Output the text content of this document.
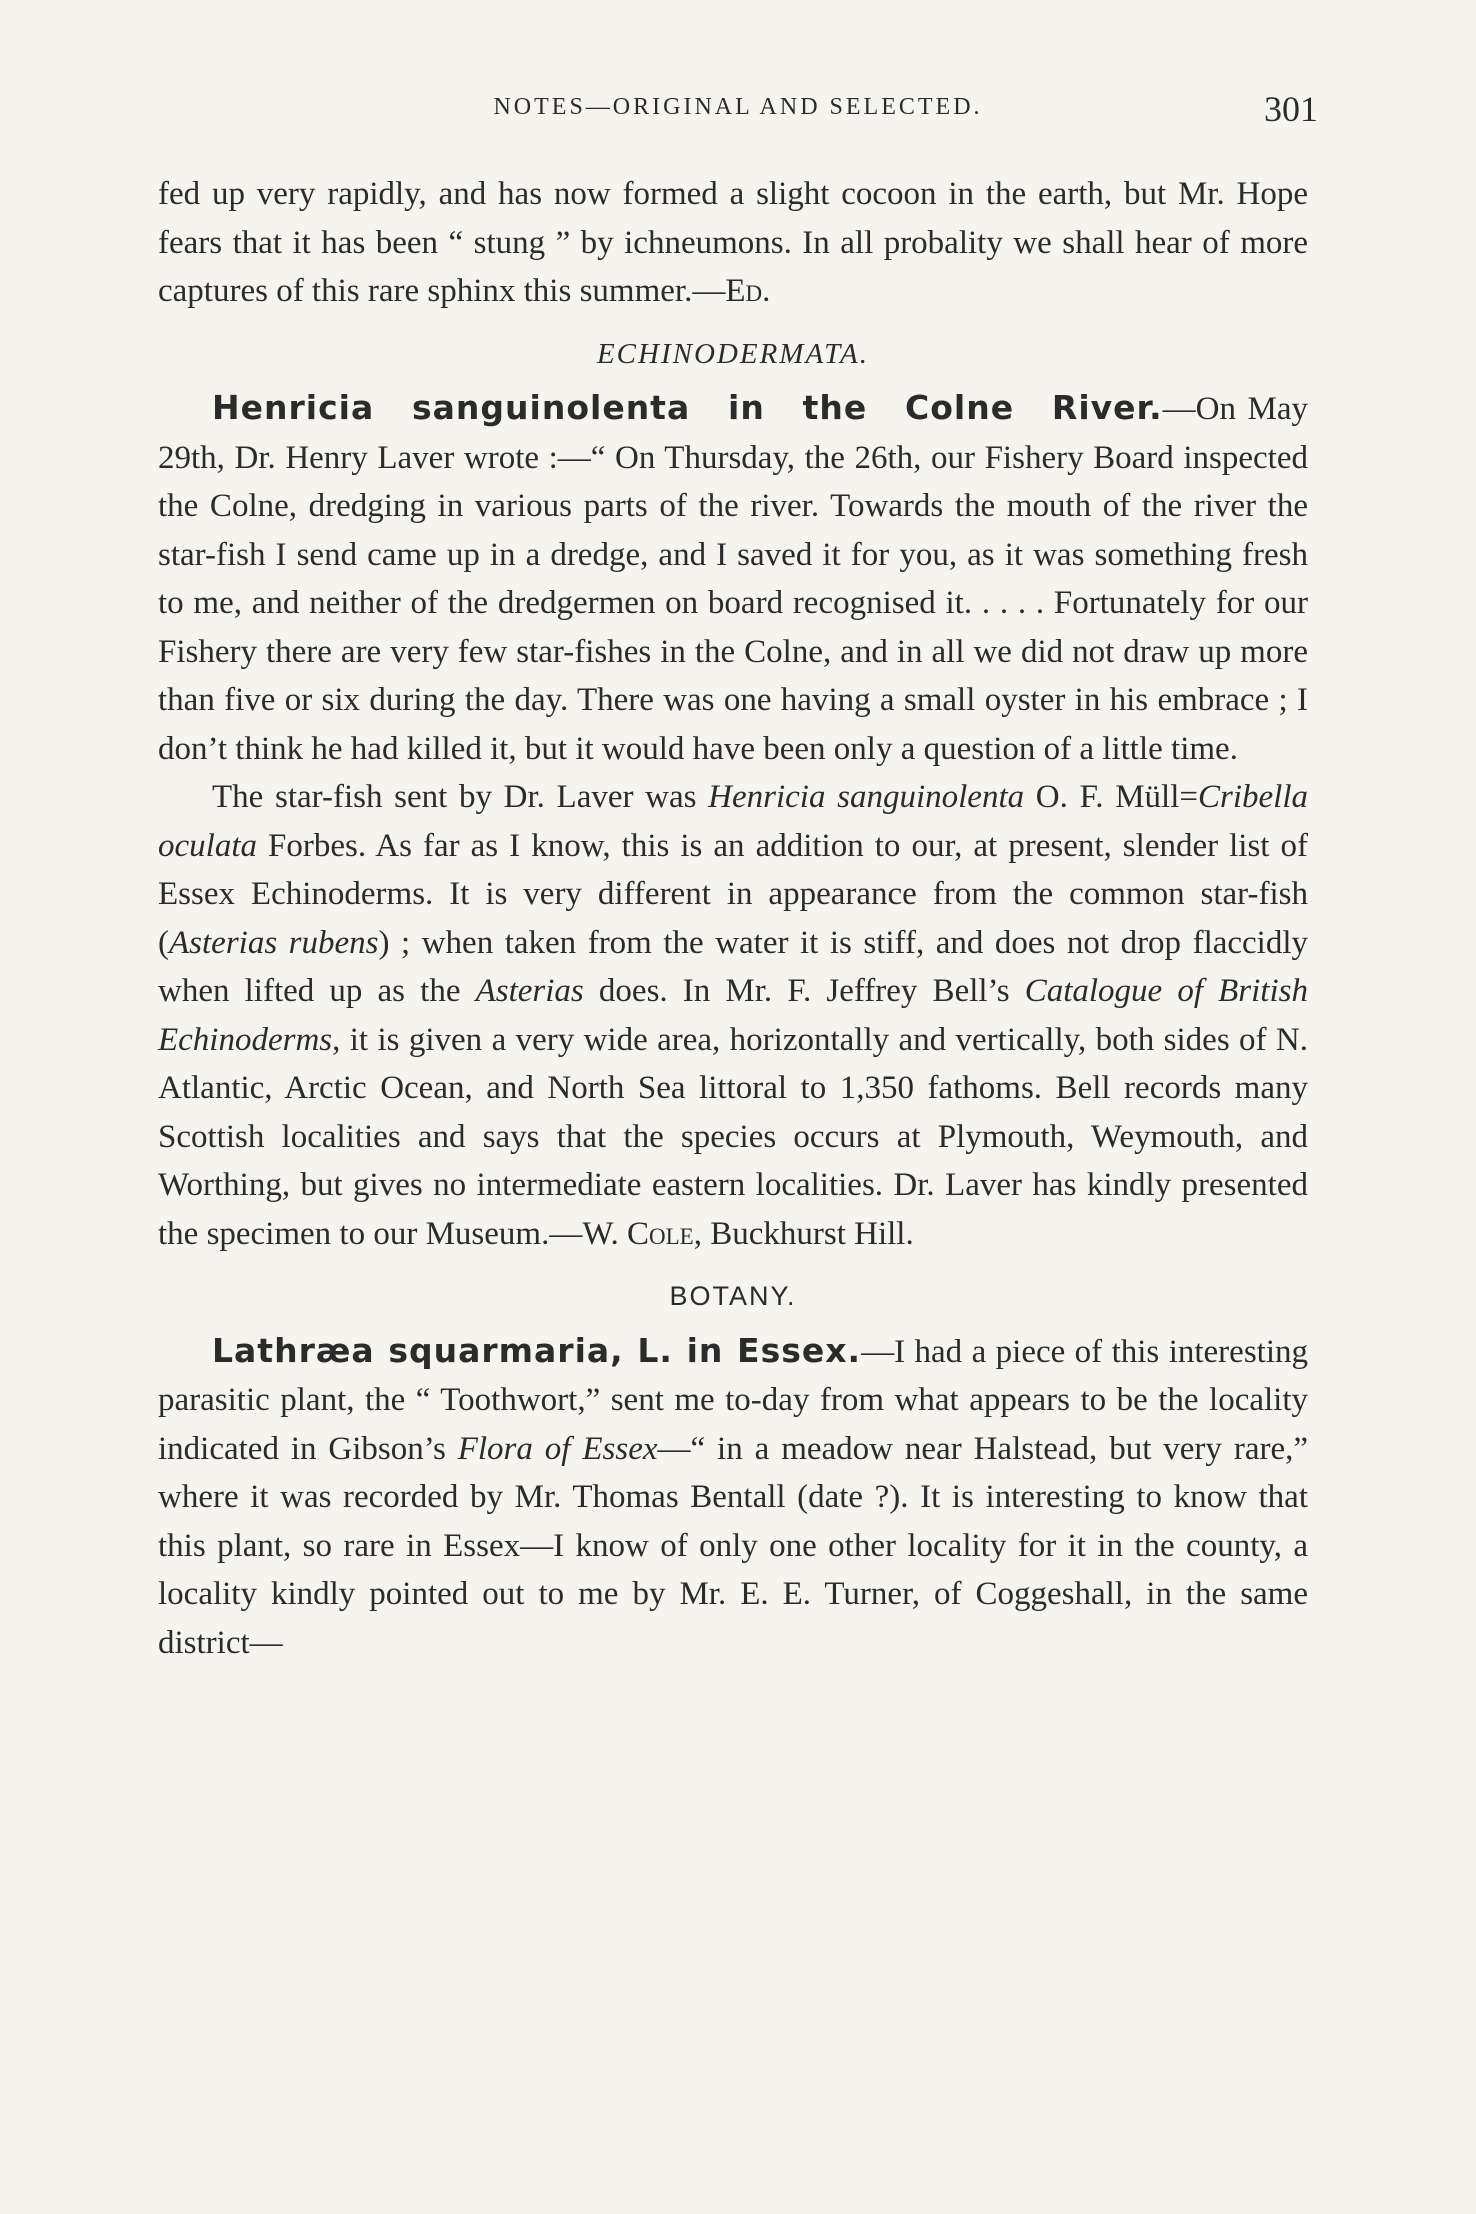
NOTES—ORIGINAL AND SELECTED.	301

fed up very rapidly, and has now formed a slight cocoon in the earth, but Mr. Hope fears that it has been “ stung ” by ichneumons. In all probality we shall hear of more captures of this rare sphinx this summer.—Ed.

ECHINODERMATA.

Henricia sanguinolenta in the Colne River.—On May 29th, Dr. Henry Laver wrote :—“ On Thursday, the 26th, our Fishery Board inspected the Colne, dredging in various parts of the river. Towards the mouth of the river the star-fish I send came up in a dredge, and I saved it for you, as it was something fresh to me, and neither of the dredgermen on board recognised it. . . . . Fortunately for our Fishery there are very few star-fishes in the Colne, and in all we did not draw up more than five or six during the day. There was one having a small oyster in his embrace ; I don’t think he had killed it, but it would have been only a question of a little time.

The star-fish sent by Dr. Laver was Henricia sanguinolenta O. F. Müll=Cribella oculata Forbes. As far as I know, this is an addition to our, at present, slender list of Essex Echinoderms. It is very different in appearance from the common star-fish (Asterias rubens) ; when taken from the water it is stiff, and does not drop flaccidly when lifted up as the Asterias does. In Mr. F. Jeffrey Bell’s Catalogue of British Echinoderms, it is given a very wide area, horizontally and vertically, both sides of N. Atlantic, Arctic Ocean, and North Sea littoral to 1,350 fathoms. Bell records many Scottish localities and says that the species occurs at Plymouth, Weymouth, and Worthing, but gives no intermediate eastern localities. Dr. Laver has kindly presented the specimen to our Museum.—W. Cole, Buckhurst Hill.

BOTANY.

Lathræa squarmaria, L. in Essex.—I had a piece of this interesting parasitic plant, the “ Toothwort,” sent me to-day from what appears to be the locality indicated in Gibson’s Flora of Essex—“ in a meadow near Halstead, but very rare,” where it was recorded by Mr. Thomas Bentall (date ?). It is interesting to know that this plant, so rare in Essex—I know of only one other locality for it in the county, a locality kindly pointed out to me by Mr. E. E. Turner, of Coggeshall, in the same district—
